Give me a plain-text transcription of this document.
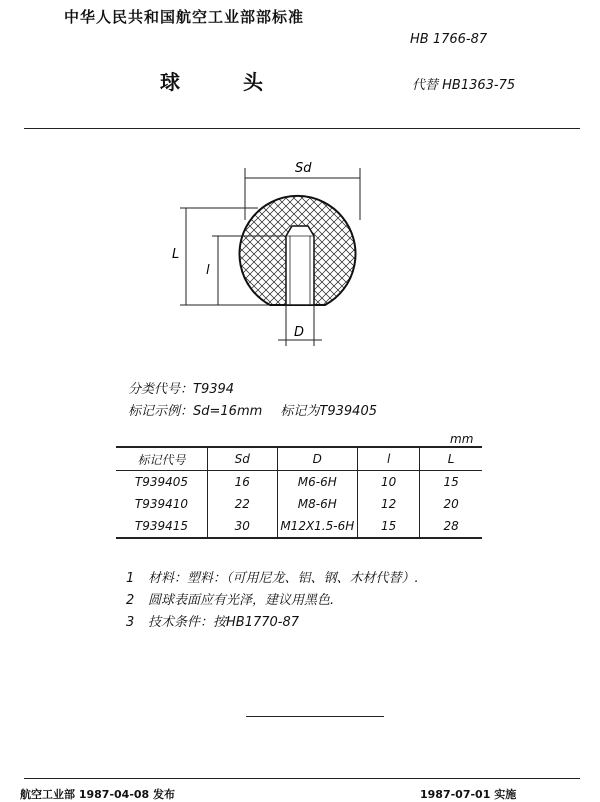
中华人民共和国航空工业部部标准
HB 1766-87
球 头	代替 HB1363-75
Sd
L
l
D
分类代号：T9394
标记示例：Sd=16mm 标记为T939405
mm
标记代号	Sd	D	l	L
T939405	16	M6-6H	10	15
T939410	22	M8-6H	12	20
T939415	30	M12X1.5-6H	15	28
1 材料：塑料：（可用尼龙、铝、钢、木材代替）.
2 圆球表面应有光泽，建议用黑色.
3 技术条件：按HB1770-87
航空工业部 1987-04-08 发布	1987-07-01 实施
